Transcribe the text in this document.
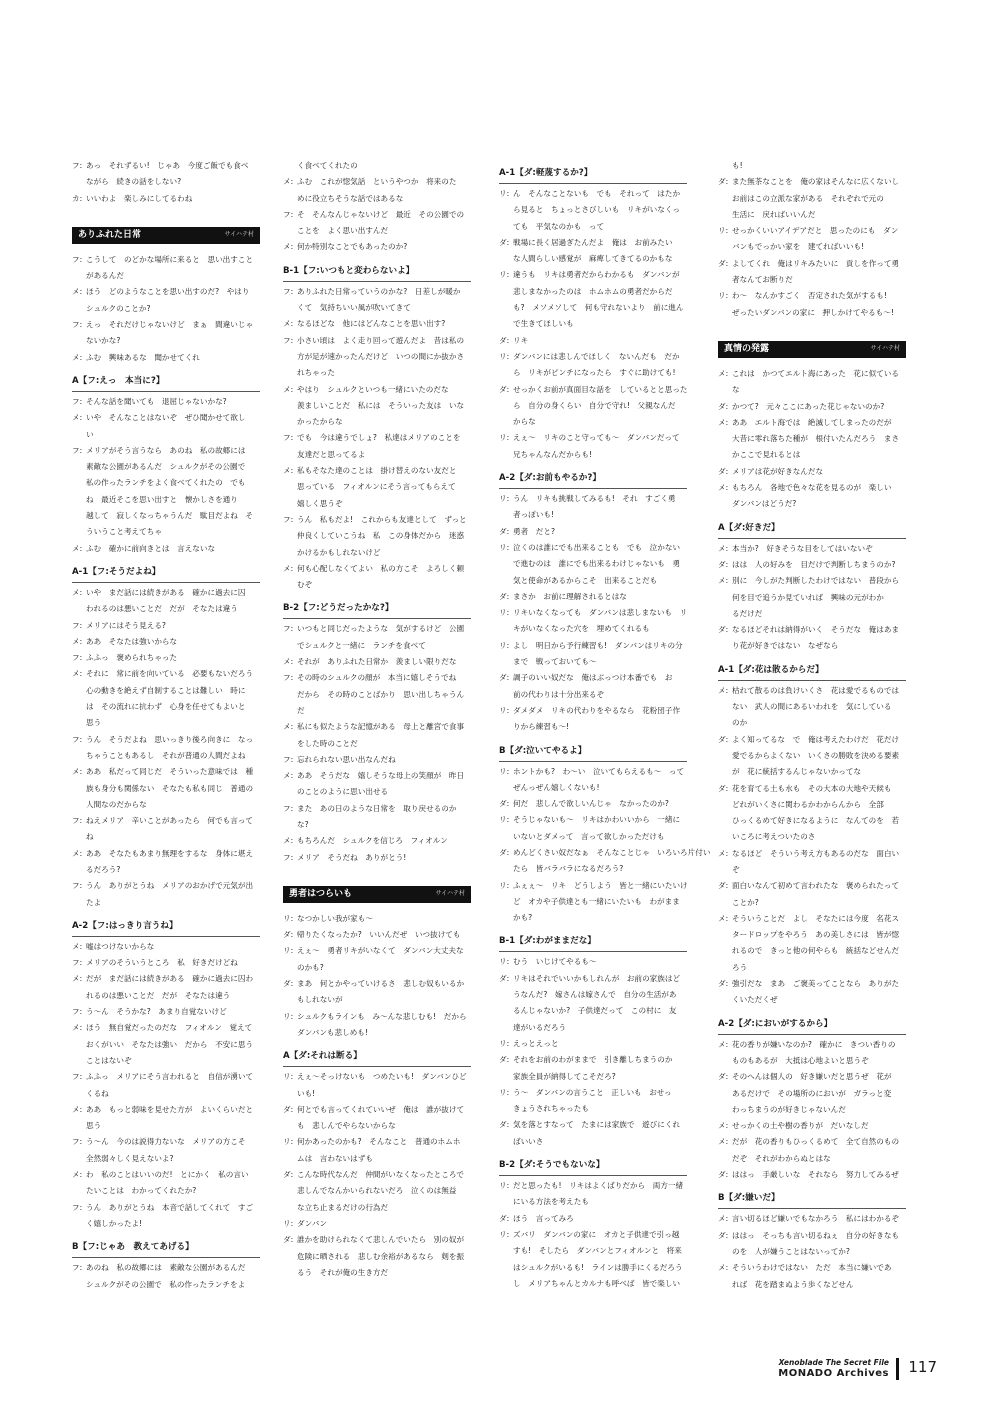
フ: あっ　それずるい!　じゃあ　今度ご飯でも食べ
ながら　続きの話をしない?
カ: いいわよ　楽しみにしてるわね
ありふれた日常	サイハテ村
フ: こうして　のどかな場所に来ると　思い出すこと
があるんだ
メ: ほう　どのようなことを思い出すのだ?　やはり
シュルクのことか?
フ: えっ　それだけじゃないけど　まぁ　間違いじゃ
ないかな?
メ: ふむ　興味あるな　聞かせてくれ
A【フ:えっ　本当に?】
フ: そんな話を聞いても　退屈じゃないかな?
メ: いや　そんなことはないぞ　ぜひ聞かせて欲し
い
フ: メリアがそう言うなら　あのね　私の故郷には
素敵な公園があるんだ　シュルクがその公園で
私の作ったランチをよく食べてくれたの　でも
ね　最近そこを思い出すと　懐かしさを通り
越して　寂しくなっちゃうんだ　駄目だよね　そ
ういうこと考えてちゃ
メ: ふむ　確かに前向きとは　言えないな
A-1【フ:そうだよね】
メ: いや　まだ話には続きがある　確かに過去に囚
われるのは悪いことだ　だが　そなたは違う
フ: メリアにはそう見える?
メ: ああ　そなたは強いからな
フ: ふふっ　褒められちゃった
メ: それに　常に前を向いている　必要もないだろう
心の動きを絶えず自制することは難しい　時に
は　その流れに抗わず　心身を任せてもよいと
思う
フ: うん　そうだよね　思いっきり後ろ向きに　なっ
ちゃうこともあるし　それが普通の人間だよね
メ: ああ　私だって同じだ　そういった意味では　種
族も身分も関係ない　そなたも私も同じ　普通の
人間なのだからな
フ: ねえメリア　辛いことがあったら　何でも言って
ね
メ: ああ　そなたもあまり無理をするな　身体に堪え
るだろう?
フ: うん　ありがとうね　メリアのおかげで元気が出
たよ
A-2【フ:はっきり言うね】
メ: 嘘はつけないからな
フ: メリアのそういうところ　私　好きだけどね
メ: だが　まだ話には続きがある　確かに過去に囚わ
れるのは悪いことだ　だが　そなたは違う
フ: う～ん　そうかな?　あまり自覚ないけど
メ: ほう　無自覚だったのだな　フィオルン　覚えて
おくがいい　そなたは強い　だから　不安に思う
ことはないぞ
フ: ふふっ　メリアにそう言われると　自信が湧いて
くるね
メ: ああ　もっと弱味を見せた方が　よいくらいだと
思う
フ: う～ん　今のは説得力ないな　メリアの方こそ
全然弱々しく見えないよ?
メ: わ　私のことはいいのだ!　とにかく　私の言い
たいことは　わかってくれたか?
フ: うん　ありがとうね　本音で話してくれて　すご
く嬉しかったよ!
B【フ:じゃあ　教えてあげる】
フ: あのね　私の故郷には　素敵な公園があるんだ
シュルクがその公園で　私の作ったランチをよ
く食べてくれたの
メ: ふむ　これが惚気話　というやつか　将来のた
めに役立ちそうな話ではあるな
フ: そ　そんなんじゃないけど　最近　その公園での
ことを　よく思い出すんだ
メ: 何か特別なことでもあったのか?
B-1【フ:いつもと変わらないよ】
フ: ありふれた日常っていうのかな?　日差しが暖か
くて　気持ちいい風が吹いてきて
メ: なるほどな　他にはどんなことを思い出す?
フ: 小さい頃は　よく走り回って遊んだよ　昔は私の
方が足が速かったんだけど　いつの間にか抜かさ
れちゃった
メ: やはり　シュルクといつも一緒にいたのだな
羨ましいことだ　私には　そういった友は　いな
かったからな
フ: でも　今は違うでしょ?　私達はメリアのことを
友達だと思ってるよ
メ: 私もそなた達のことは　掛け替えのない友だと
思っている　フィオルンにそう言ってもらえて
嬉しく思うぞ
フ: うん　私もだよ!　これからも友達として　ずっと
仲良くしていこうね　私　この身体だから　迷惑
かけるかもしれないけど
メ: 何も心配しなくてよい　私の方こそ　よろしく頼
むぞ
B-2【フ:どうだったかな?】
フ: いつもと同じだったような　気がするけど　公園
でシュルクと一緒に　ランチを食べて
メ: それが　ありふれた日常か　羨ましい限りだな
フ: その時のシュルクの顔が　本当に嬉しそうでね
だから　その時のことばかり　思い出しちゃうん
だ
メ: 私にも似たような記憶がある　母上と離宮で食事
をした時のことだ
フ: 忘れられない思い出なんだね
メ: ああ　そうだな　嬉しそうな母上の笑顔が　昨日
のことのように思い出せる
フ: また　あの日のような日常を　取り戻せるのか
な?
メ: もちろんだ　シュルクを信じろ　フィオルン
フ: メリア　そうだね　ありがとう!
勇者はつらいも	サイハテ村
リ: なつかしい我が家も～
ダ: 帰りたくなったか?　いいんだぜ　いつ抜けても
リ: えぇ～　勇者リキがいなくて　ダンバン大丈夫な
のかも?
ダ: まあ　何とかやっていけるさ　悲しむ奴もいるか
もしれないが
リ: シュルクもラインも　み～んな悲しむも!　だから
ダンバンも悲しめも!
A【ダ:それは断る】
リ: えぇ～そっけないも　つめたいも!　ダンバンひど
いも!
ダ: 何とでも言ってくれていいぜ　俺は　誰が抜けて
も　悲しんでやらないからな
リ: 何かあったのかも?　そんなこと　普通のホムホ
ムは　言わないはずも
ダ: こんな時代なんだ　仲間がいなくなったところで
悲しんでなんかいられないだろ　泣くのは無益
な立ち止まるだけの行為だ
リ: ダンバン
ダ: 誰かを助けられなくて悲しんでいたら　別の奴が
危険に晒される　悲しむ余裕があるなら　剣を振
るう　それが俺の生き方だ
A-1【ダ:軽蔑するか?】
リ: ん　そんなことないも　でも　それって　はたか
ら見ると　ちょっとさびしいも　リキがいなくっ
ても　平気なのかも　って
ダ: 戦場に長く居過ぎたんだよ　俺は　お前みたい
な人間らしい感覚が　麻痺してきてるのかもな
リ: 違うも　リキは勇者だからわかるも　ダンバンが
悲しまなかったのは　ホムホムの勇者だからだ
も?　メソメソして　何も守れないより　前に進ん
で生きてほしいも
ダ: リキ
リ: ダンバンには悲しんでほしく　ないんだも　だか
ら　リキがピンチになったら　すぐに助けても!
ダ: せっかくお前が真面目な話を　しているとと思った
ら　自分の身くらい　自分で守れ!　父親なんだ
からな
リ: えぇ～　リキのこと守っても～　ダンバンだって
兄ちゃんなんだからも!
A-2【ダ:お前もやるか?】
リ: うん　リキも挑戦してみるも!　それ　すごく勇
者っぽいも!
ダ: 勇者　だと?
リ: 泣くのは誰にでも出来ることも　でも　泣かない
で進むのは　誰にでも出来るわけじゃないも　勇
気と使命があるからこそ　出来ることだも
ダ: まさか　お前に理解されるとはな
リ: リキいなくなっても　ダンバンは悲しまないも　リ
キがいなくなった穴を　埋めてくれるも
リ: よし　明日から予行練習も!　ダンバンはリキの分
まで　戦っておいても～
ダ: 調子のいい奴だな　俺はぶっつけ本番でも　お
前の代わりは十分出来るぞ
リ: ダメダメ　リキの代わりをやるなら　花粉団子作
りから練習も～!
B【ダ:泣いてやるよ】
リ: ホントかも?　わ～い　泣いてもらえるも～　って
ぜんっぜん嬉しくないも!
ダ: 何だ　悲しんで欲しいんじゃ　なかったのか?
リ: そうじゃないも～　リキはかわいいから　一緒に
いないとダメって　言って欲しかっただけも
ダ: めんどくさい奴だなぁ　そんなことじゃ　いろいろ片付い
たら　皆バラバラになるだろう?
リ: ふぇぇ～　リキ　どうしよう　皆と一緒にいたいけ
ど　オカや子供達とも一緒にいたいも　わがまま
かも?
B-1【ダ:わがままだな】
リ: むう　いじけてやるも～
ダ: リキはそれでいいかもしれんが　お前の家族はど
うなんだ?　嫁さんは嫁さんで　自分の生活があ
るんじゃないか?　子供達だって　この村に　友
達がいるだろう
リ: えっとえっと
ダ: それをお前のわがままで　引き離しちまうのか
家族全員が納得してこそだろ?
リ: う～　ダンバンの言うこと　正しいも　おせっ
きょうされちゃったも
ダ: 気を落とすなって　たまには家族で　遊びにくれ
ばいいさ
B-2【ダ:そうでもないな】
リ: だと思ったも!　リキはよくばりだから　両方一緒
にいる方法を考えたも
ダ: ほう　言ってみろ
リ: ズバリ　ダンバンの家に　オカと子供達で引っ越
すも!　そしたら　ダンバンとフィオルンと　将来
はシュルクがいるも!　ラインは勝手にくるだろう
し　メリアちゃんとカルナも呼べば　皆で楽しい
も!
ダ: また無茶なことを　俺の家はそんなに広くないし
お前はこの立派な家がある　それぞれで元の
生活に　戻ればいいんだ
リ: せっかくいいアイデアだと　思ったのにも　ダン
バンもでっかい家を　建てればいいも!
ダ: よしてくれ　俺はリキみたいに　貢しを作って勇
者なんてお断りだ
リ: わ～　なんかすごく　否定された気がするも!
ぜったいダンバンの家に　押しかけてやるも～!
真情の発露	サイハテ村
メ: これは　かつてエルト海にあった　花に似ている
な
ダ: かつて?　元々ここにあった花じゃないのか?
メ: ああ　エルト海では　絶滅してしまったのだが
大昔に零れ落ちた種が　根付いたんだろう　まさ
かここで見れるとは
ダ: メリアは花が好きなんだな
メ: もちろん　各地で色々な花を見るのが　楽しい
ダンバンはどうだ?
A【ダ:好きだ】
メ: 本当か?　好きそうな目をしてはいないぞ
ダ: はは　人の好みを　目だけで判断しちまうのか?
メ: 別に　今しがた判断したわけではない　普段から
何を目で追うか見ていれば　興味の元がわか
るだけだ
ダ: なるほどそれは納得がいく　そうだな　俺はあま
り花が好きではない　なぜなら
A-1【ダ:花は散るからだ】
メ: 枯れて散るのは負けいくさ　花は愛でるものでは
ない　武人の間にあるいわれを　気にしている
のか
ダ: よく知ってるな　で　俺は考えたわけだ　花だけ
愛でるからよくない　いくさの勝敗を決める要素
が　花に統括するんじゃないかってな
ダ: 花を育てる土も水も　その大本の大地や天候も
どれがいくさに関わるかわからんから　全部
ひっくるめて好きになるように　なんてのを　若
いころに考えついたのさ
メ: なるほど　そういう考え方もあるのだな　面白い
ぞ
ダ: 面白いなんて初めて言われたな　褒められたって
ことか?
メ: そういうことだ　よし　そなたには今度　名花ス
タードロップをやろう　あの美しさには　皆が惚
れるので　きっと他の何やらも　統括などせんだ
ろう
ダ: 強引だな　まあ　ご褒美ってことなら　ありがた
くいただくぜ
A-2【ダ:においがするから】
メ: 花の香りが嫌いなのか?　確かに　きつい香りの
ものもあるが　大抵は心地よいと思うぞ
ダ: そのへんは個人の　好き嫌いだと思うぜ　花が
あるだけで　その場所のにおいが　ガラっと変
わっちまうのが好きじゃないんだ
メ: せっかくの土や樹の香りが　だいなしだ
メ: だが　花の香りもひっくるめて　全て自然のもの
だぞ　それがわからぬとはな
ダ: ははっ　手厳しいな　それなら　努力してみるぜ
B【ダ:嫌いだ】
メ: 言い切るほど嫌いでもなかろう　私にはわかるぞ
ダ: ははっ　そっちも言い切るねぇ　自分の好きなも
のを　人が嫌うことはないってか?
メ: そういうわけではない　ただ　本当に嫌いであ
れば　花を踏まぬよう歩くなどせん
Xenoblade The Secret File
MONADO Archives 117
